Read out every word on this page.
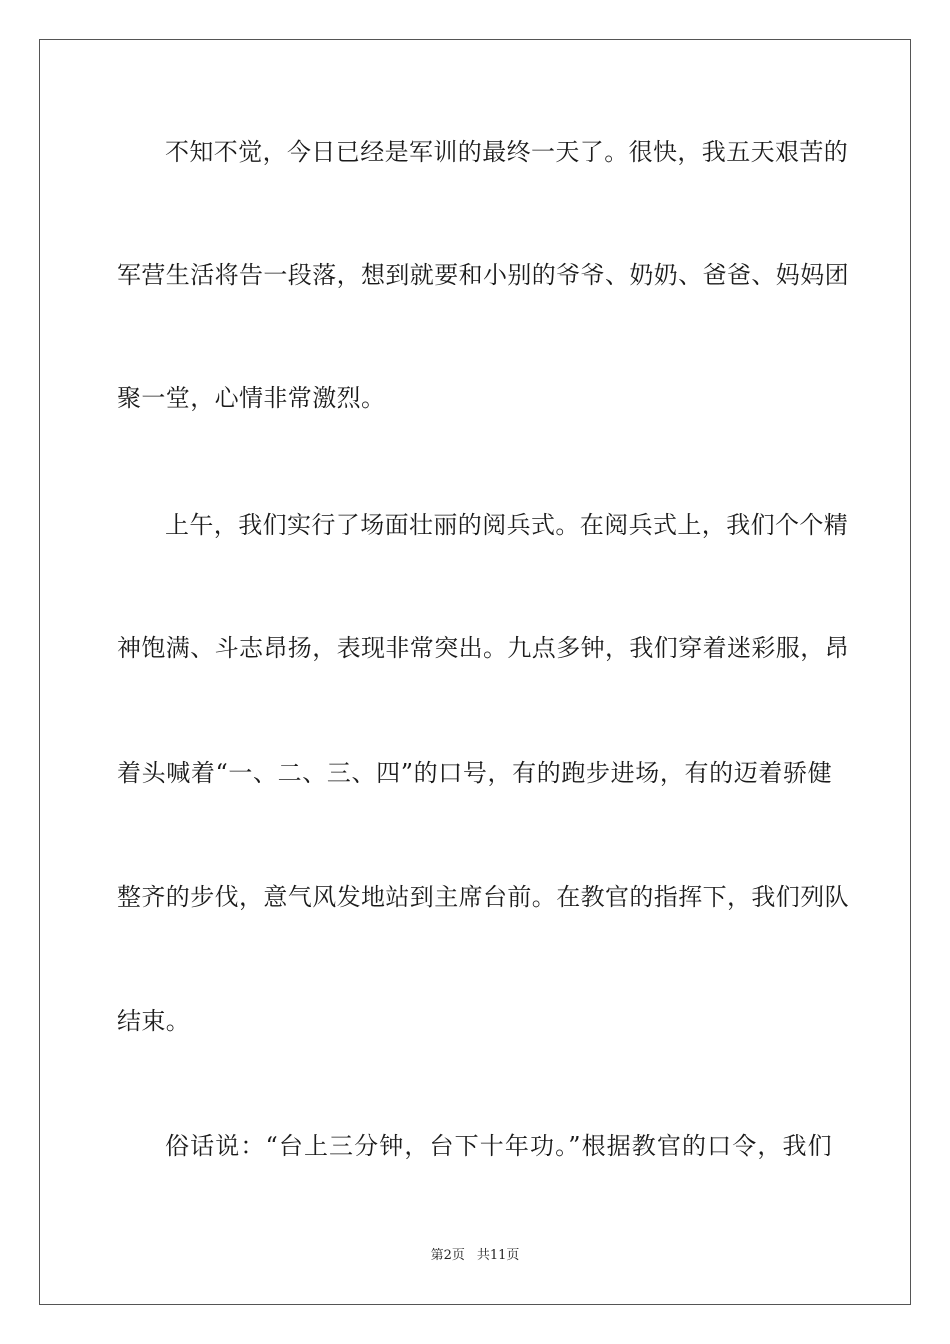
不知不觉，今日已经是军训的最终一天了。很快，我五天艰苦的
军营生活将告一段落，想到就要和小别的爷爷、奶奶、爸爸、妈妈团
聚一堂，心情非常激烈。
上午，我们实行了场面壮丽的阅兵式。在阅兵式上，我们个个精
神饱满、斗志昂扬，表现非常突出。九点多钟，我们穿着迷彩服，昂
着头喊着“一、二、三、四”的口号，有的跑步进场，有的迈着骄健
整齐的步伐，意气风发地站到主席台前。在教官的指挥下，我们列队
结束。
俗话说：“台上三分钟，台下十年功。”根据教官的口令，我们
第2页 共11页
